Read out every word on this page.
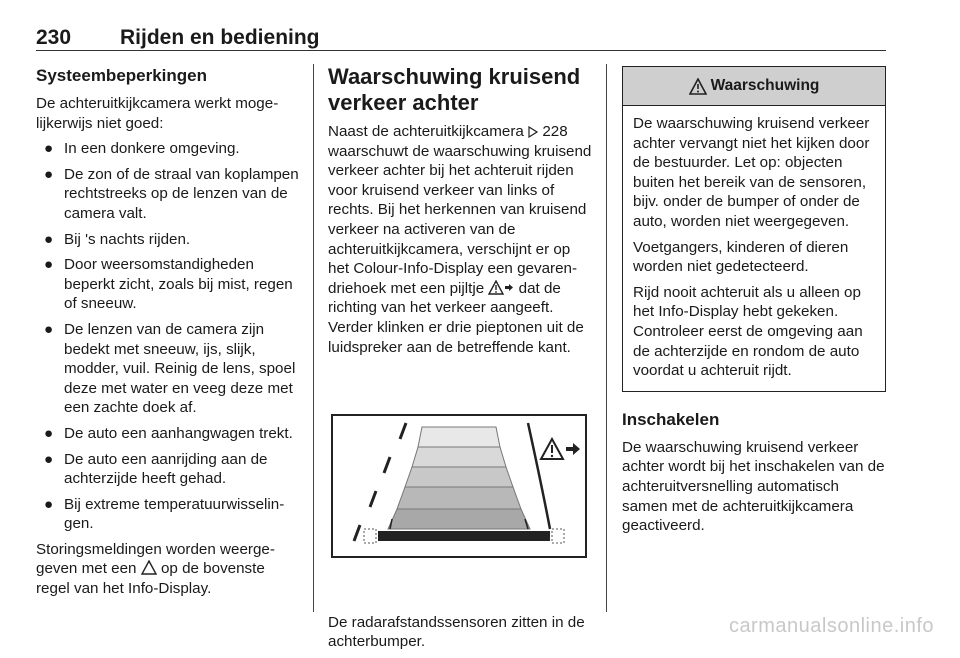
230 Rijden en bediening
Systeembeperkingen

De achteruitkijkcamera werkt mogelijkerwijs niet goed:

● In een donkere omgeving.
● De zon of de straal van koplampen rechtstreeks op de lenzen van de camera valt.
● Bij 's nachts rijden.
● Door weersomstandigheden beperkt zicht, zoals bij mist, regen of sneeuw.
● De lenzen van de camera zijn bedekt met sneeuw, ijs, slijk, modder, vuil. Reinig de lens, spoel deze met water en veeg deze met een zachte doek af.
● De auto een aanhangwagen trekt.
● De auto een aanrijding aan de achterzijde heeft gehad.
● Bij extreme temperatuurwisselingen.

Storingsmeldingen worden weergegeven met een op de bovenste regel van het Info-Display.

Waarschuwing kruisend verkeer achter

Naast de achteruitkijkcamera 228 waarschuwt de waarschuwing kruisend verkeer achter bij het achteruit rijden voor kruisend verkeer van links of rechts. Bij het herkennen van kruisend verkeer na activeren van de achteruitkijkcamera, verschijnt er op het Colour-Info-Display een gevarendriehoek met een pijltje dat de richting van het verkeer aangeeft. Verder klinken er drie pieptonen uit de luidspreker aan de betreffende kant.

De radarafstandssensoren zitten in de achterbumper.

Waarschuwing

De waarschuwing kruisend verkeer achter vervangt niet het kijken door de bestuurder. Let op: objecten buiten het bereik van de sensoren, bijv. onder de bumper of onder de auto, worden niet weergegeven.

Voetgangers, kinderen of dieren worden niet gedetecteerd.

Rijd nooit achteruit als u alleen op het Info-Display hebt gekeken. Controleer eerst de omgeving aan de achterzijde en rondom de auto voordat u achteruit rijdt.

Inschakelen

De waarschuwing kruisend verkeer achter wordt bij het inschakelen van de achteruitversnelling automatisch samen met de achteruitkijkcamera geactiveerd.

carmanualsonline.info
